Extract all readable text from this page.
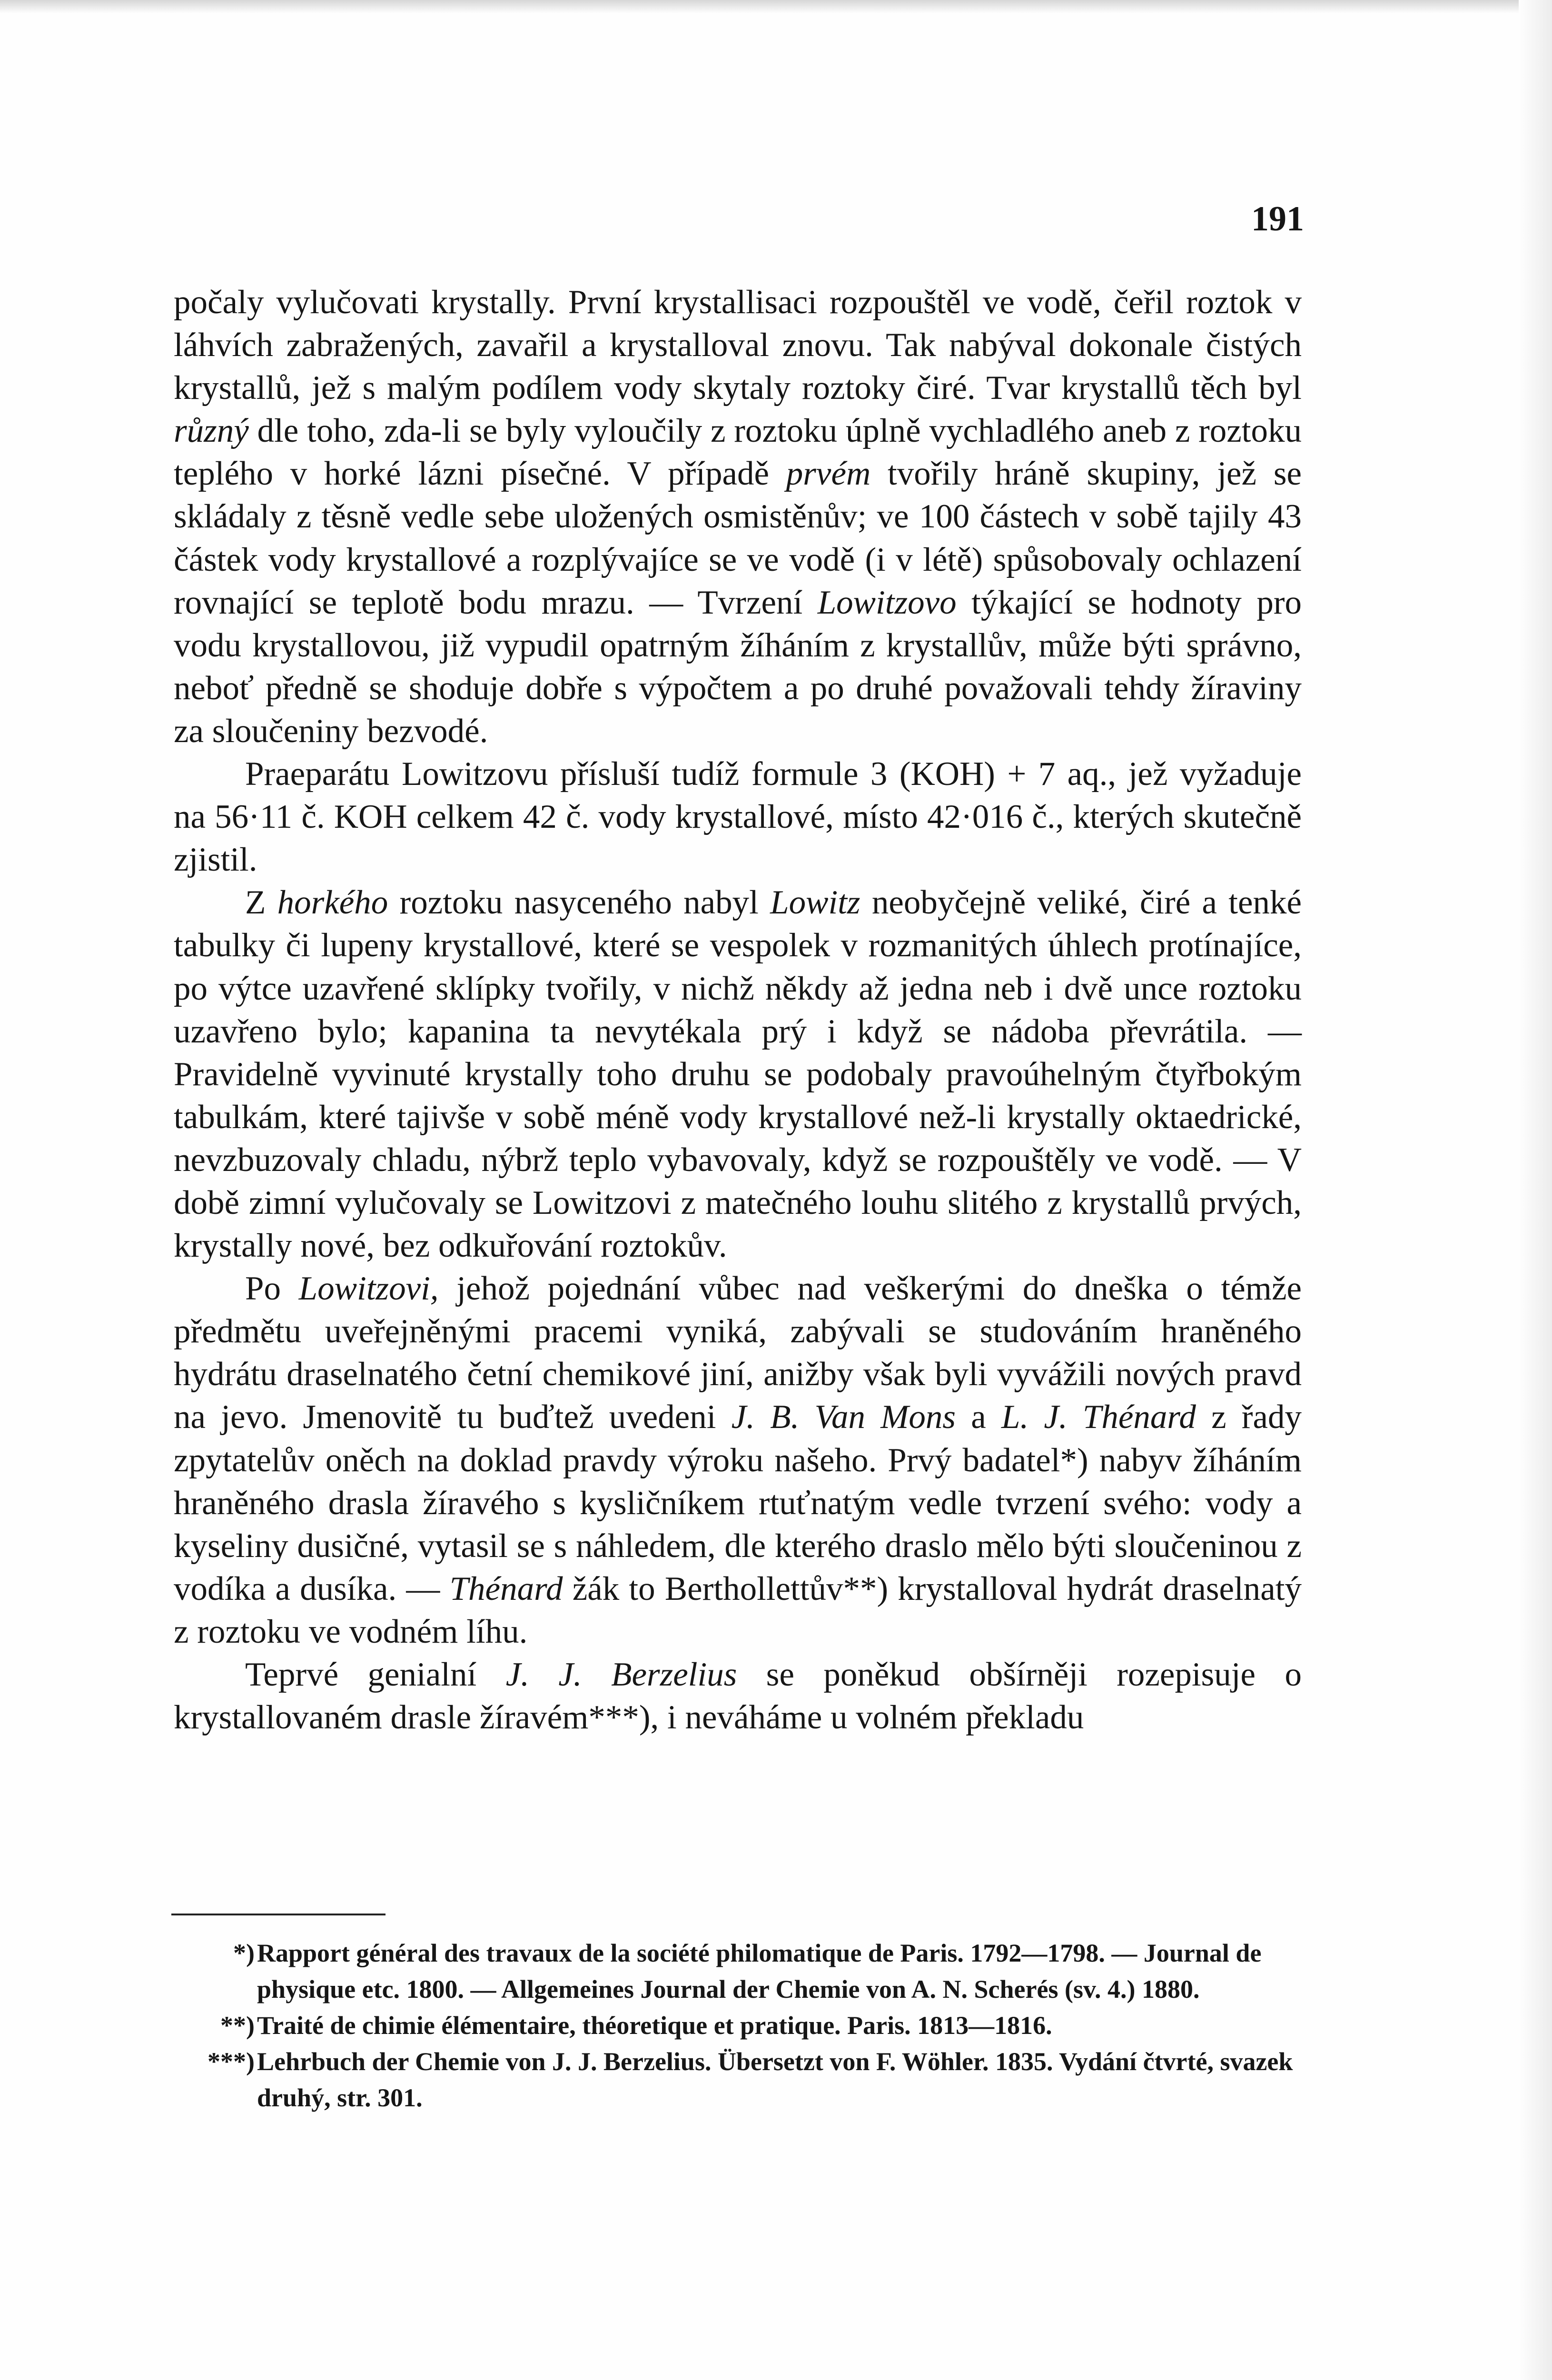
191

počaly vylučovati krystally. První krystallisaci rozpouštěl ve vodě, čeřil roztok v láhvích zabražených, zavařil a krystalloval znovu. Tak nabýval dokonale čistých krystallů, jež s malým podílem vody skytaly roztoky čiré. Tvar krystallů těch byl různý dle toho, zda-li se byly vyloučily z roztoku úplně vychladlého aneb z roztoku teplého v horké lázni písečné. V případě prvém tvořily hráně skupiny, jež se skládaly z těsně vedle sebe uložených osmistěnův; ve 100 částech v sobě tajily 43 částek vody krystallové a rozplývajíce se ve vodě (i v létě) spůsobovaly ochlazení rovnající se teplotě bodu mrazu. — Tvrzení Lowitzovo týkající se hodnoty pro vodu krystallovou, již vypudil opatrným žíháním z krystallův, může býti správno, neboť předně se shoduje dobře s výpočtem a po druhé považovali tehdy žíraviny za sloučeniny bezvodé.

Praeparátu Lowitzovu přísluší tudíž formule 3 (KOH) + 7 aq., jež vyžaduje na 56·11 č. KOH celkem 42 č. vody krystallové, místo 42·016 č., kterých skutečně zjistil.

Z horkého roztoku nasyceného nabyl Lowitz neobyčejně veliké, čiré a tenké tabulky či lupeny krystallové, které se vespolek v rozmanitých úhlech protínajíce, po výtce uzavřené sklípky tvořily, v nichž někdy až jedna neb i dvě unce roztoku uzavřeno bylo; kapanina ta nevytékala prý i když se nádoba převrátila. — Pravidelně vyvinuté krystally toho druhu se podobaly pravoúhelným čtyřbokým tabulkám, které tajivše v sobě méně vody krystallové než-li krystally oktaedrické, nevzbuzovaly chladu, nýbrž teplo vybavovaly, když se rozpouštěly ve vodě. — V době zimní vylučovaly se Lowitzovi z matečného louhu slitého z krystallů prvých, krystally nové, bez odkuřování roztokův.

Po Lowitzovi, jehož pojednání vůbec nad veškerými do dneška o témže předmětu uveřejněnými pracemi vyniká, zabývali se studováním hraněného hydrátu draselnatého četní chemikové jiní, anižby však byli vyvážili nových pravd na jevo. Jmenovitě tu buďtež uvedeni J. B. Van Mons a L. J. Thénard z řady zpytatelův oněch na doklad pravdy výroku našeho. Prvý badatel*) nabyv žíháním hraněného drasla žíravého s kysličníkem rtuťnatým vedle tvrzení svého: vody a kyseliny dusičné, vytasil se s náhledem, dle kterého draslo mělo býti sloučeninou z vodíka a dusíka. — Thénard žák to Berthollettův**) krystalloval hydrát draselnatý z roztoku ve vodném líhu.

Teprvé genialní J. J. Berzelius se poněkud obšírněji rozepisuje o krystallovaném drasle žíravém***), i neváháme u volném překladu

*) Rapport général des travaux de la société philomatique de Paris. 1792—1798. — Journal de physique etc. 1800. — Allgemeines Journal der Chemie von A. N. Scherés (sv. 4.) 1880.

**) Traité de chimie élémentaire, théoretique et pratique. Paris. 1813—1816.

***) Lehrbuch der Chemie von J. J. Berzelius. Übersetzt von F. Wöhler. 1835. Vydání čtvrté, svazek druhý, str. 301.
